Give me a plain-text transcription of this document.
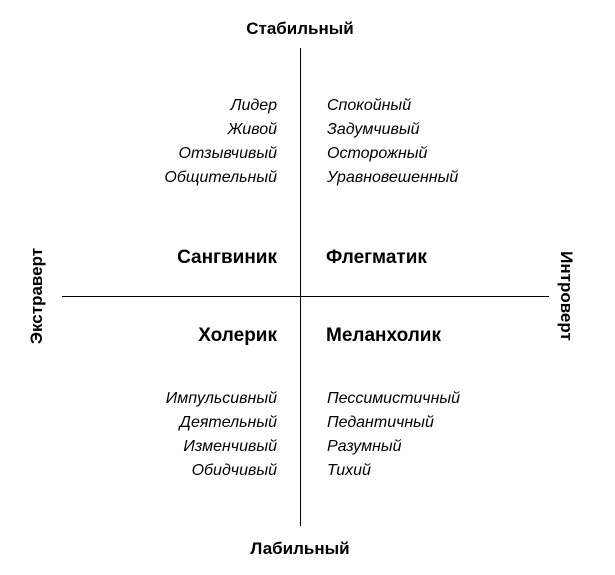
Стабильный
Лабильный
Экстраверт	Интроверт
Лидер
Живой
Отзывчивый
Общительный
Сангвиник
Спокойный
Задумчивый
Осторожный
Уравновешенный
Флегматик
Холерик
Импульсивный
Деятельный
Изменчивый
Обидчивый
Меланхолик
Пессимистичный
Педантичный
Разумный
Тихий
